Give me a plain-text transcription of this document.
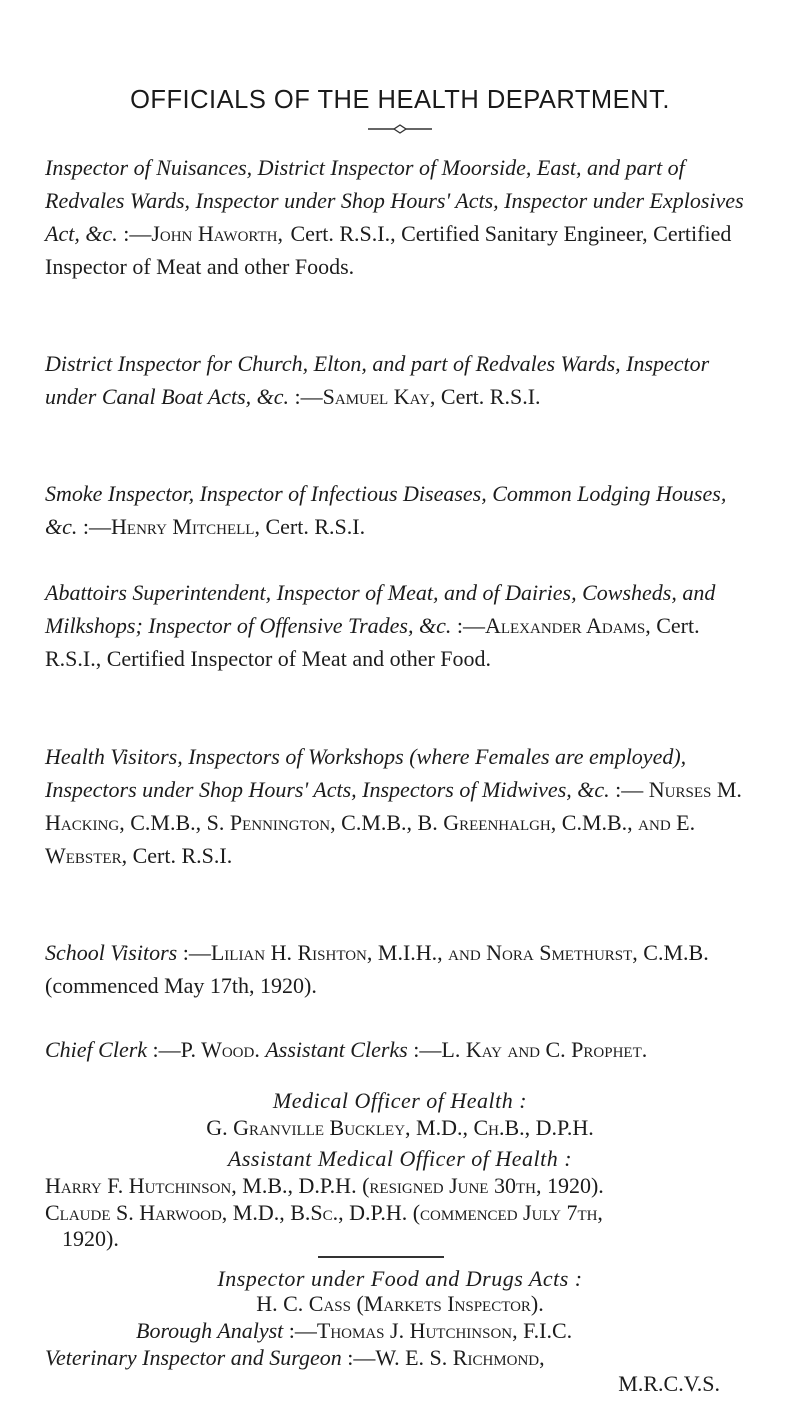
OFFICIALS OF THE HEALTH DEPARTMENT.
Inspector of Nuisances, District Inspector of Moorside, East, and part of Redvales Wards, Inspector under Shop Hours' Acts, Inspector under Explosives Act, &c. :—John Haworth, Cert. R.S.I., Certified Sanitary Engineer, Certified Inspector of Meat and other Foods.
District Inspector for Church, Elton, and part of Redvales Wards, Inspector under Canal Boat Acts, &c. :—Samuel Kay, Cert. R.S.I.
Smoke Inspector, Inspector of Infectious Diseases, Common Lodging Houses, &c. :—Henry Mitchell, Cert. R.S.I.
Abattoirs Superintendent, Inspector of Meat, and of Dairies, Cowsheds, and Milkshops; Inspector of Offensive Trades, &c. :—Alexander Adams, Cert. R.S.I., Certified Inspector of Meat and other Food.
Health Visitors, Inspectors of Workshops (where Females are employed), Inspectors under Shop Hours' Acts, Inspectors of Midwives, &c. :— Nurses M. Hacking, C.M.B., S. Pennington, C.M.B., B. Greenhalgh, C.M.B., and E. Webster, Cert. R.S.I.
School Visitors :—Lilian H. Rishton, M.I.H., and Nora Smethurst, C.M.B. (commenced May 17th, 1920).
Chief Clerk :—P. Wood. Assistant Clerks :—L. Kay and C. Prophet.
Medical Officer of Health :
G. Granville Buckley, M.D., Ch.B., D.P.H.
Assistant Medical Officer of Health :
Harry F. Hutchinson, M.B., D.P.H. (resigned June 30th, 1920).
Claude S. Harwood, M.D., B.Sc., D.P.H. (commenced July 7th,
1920).
Inspector under Food and Drugs Acts :
H. C. Cass (Markets Inspector).
Borough Analyst :—Thomas J. Hutchinson, F.I.C.
Veterinary Inspector and Surgeon :—W. E. S. Richmond,
M.R.C.V.S.
